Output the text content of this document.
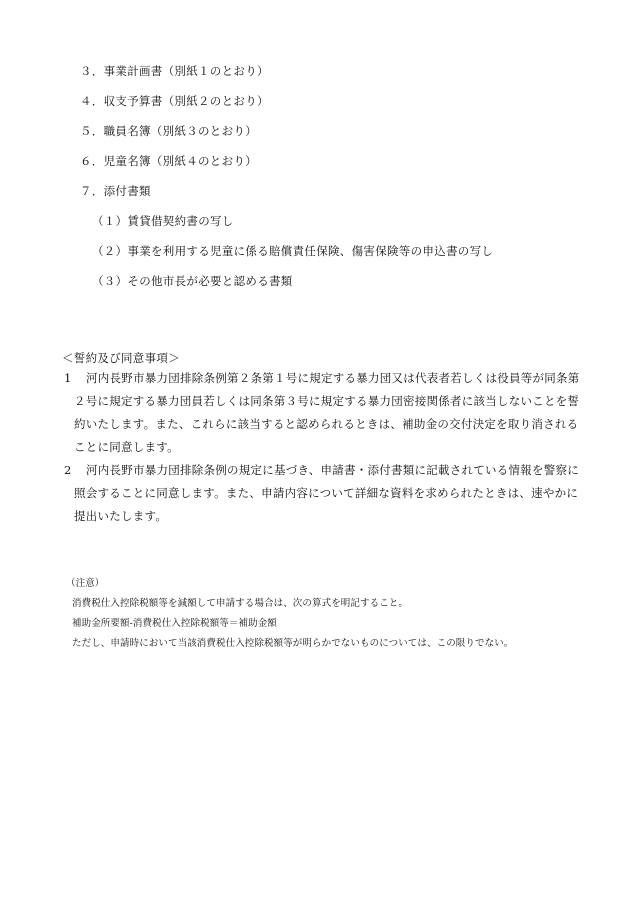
３．事業計画書（別紙１のとおり）
４．収支予算書（別紙２のとおり）
５．職員名簿（別紙３のとおり）
６．児童名簿（別紙４のとおり）
７．添付書類
（１）賃貸借契約書の写し
（２）事業を利用する児童に係る賠償責任保険、傷害保険等の申込書の写し
（３）その他市長が必要と認める書類
＜誓約及び同意事項＞

1 河内長野市暴力団排除条例第２条第１号に規定する暴力団又は代表者若しくは役員等が同条第２号に規定する暴力団員若しくは同条第３号に規定する暴力団密接関係者に該当しないことを誓約いたします。また、これらに該当すると認められるときは、補助金の交付決定を取り消されることに同意します。

2 河内長野市暴力団排除条例の規定に基づき、申請書・添付書類に記載されている情報を警察に照会することに同意します。また、申請内容について詳細な資料を求められたときは、速やかに提出いたします。

（注意）
消費税仕入控除税額等を減額して申請する場合は、次の算式を明記すること。
補助金所要額-消費税仕入控除税額等＝補助金額
ただし、申請時において当該消費税仕入控除税額等が明らかでないものについては、この限りでない。
